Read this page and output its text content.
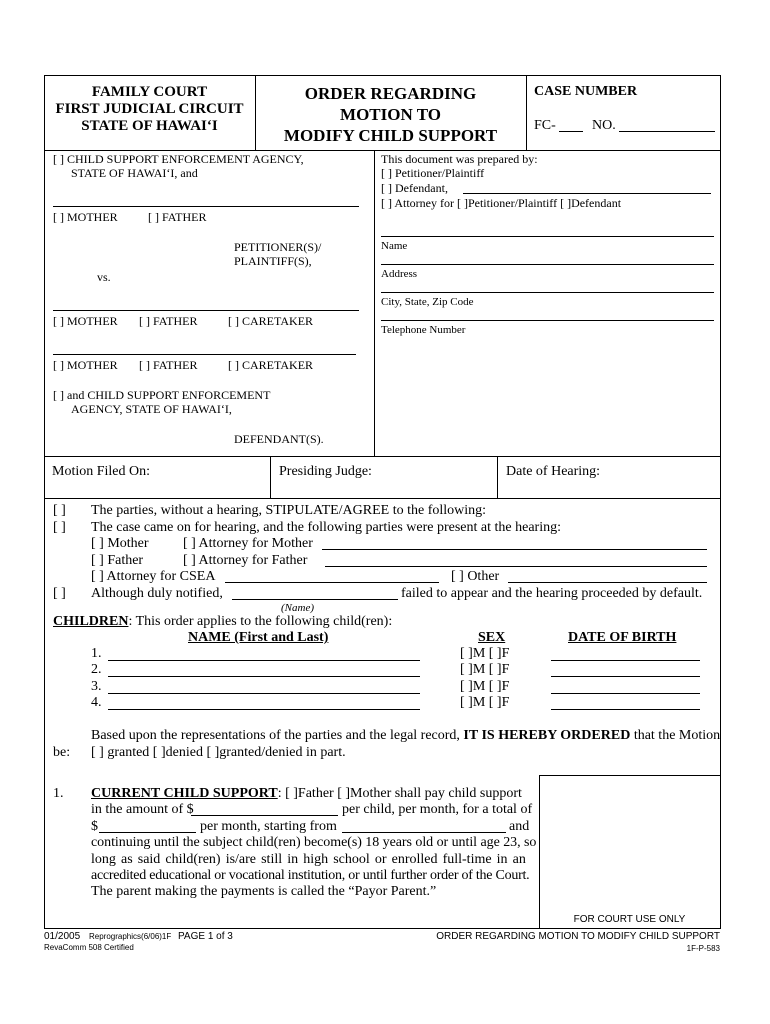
FAMILY COURT
FIRST JUDICIAL CIRCUIT
STATE OF HAWAI‘I
ORDER REGARDING
MOTION TO
MODIFY CHILD SUPPORT
CASE NUMBER
FC-	NO.
[ ] CHILD SUPPORT ENFORCEMENT AGENCY,
STATE OF HAWAI‘I, and
[ ] MOTHER	[ ] FATHER
PETITIONER(S)/
PLAINTIFF(S),
vs.
[ ] MOTHER [ ] FATHER	[ ] CARETAKER
[ ] MOTHER [ ] FATHER	[ ] CARETAKER
[ ] and CHILD SUPPORT ENFORCEMENT
AGENCY, STATE OF HAWAI‘I,
DEFENDANT(S).
This document was prepared by:
[ ] Petitioner/Plaintiff
[ ] Defendant,
[ ] Attorney for [ ]Petitioner/Plaintiff [ ]Defendant
Name
Address
City, State, Zip Code
Telephone Number
Motion Filed On:	Presiding Judge:	Date of Hearing:
[ ] The parties, without a hearing, STIPULATE/AGREE to the following:
[ ] The case came on for hearing, and the following parties were present at the hearing:
[ ] Mother [ ] Attorney for Mother
[ ] Father	[ ] Attorney for Father
[ ] Attorney for CSEA	[ ] Other
[ ] Although duly notified,	failed to appear and the hearing proceeded by default.
(Name)
CHILDREN: This order applies to the following child(ren):
NAME (First and Last)	SEX	DATE OF BIRTH
1.	[ ]M [ ]F
2.	[ ]M [ ]F
3.	[ ]M [ ]F
4.	[ ]M [ ]F
Based upon the representations of the parties and the legal record, IT IS HEREBY ORDERED that the Motion
be: [ ] granted [ ]denied [ ]granted/denied in part.
FOR COURT USE ONLY
1. CURRENT CHILD SUPPORT: [ ]Father [ ]Mother shall pay child support
in the amount of $	per child, per month, for a total of
$	per month, starting from	and
continuing until the subject child(ren) become(s) 18 years old or until age 23, so
long as said child(ren) is/are still in high school or enrolled full-time in an
accredited educational or vocational institution, or until further order of the Court.
The parent making the payments is called the “Payor Parent.”
01/2005 Reprographics(6/06)1F PAGE 1 of 3
RevaComm 508 Certified
ORDER REGARDING MOTION TO MODIFY CHILD SUPPORT
1F-P-583
